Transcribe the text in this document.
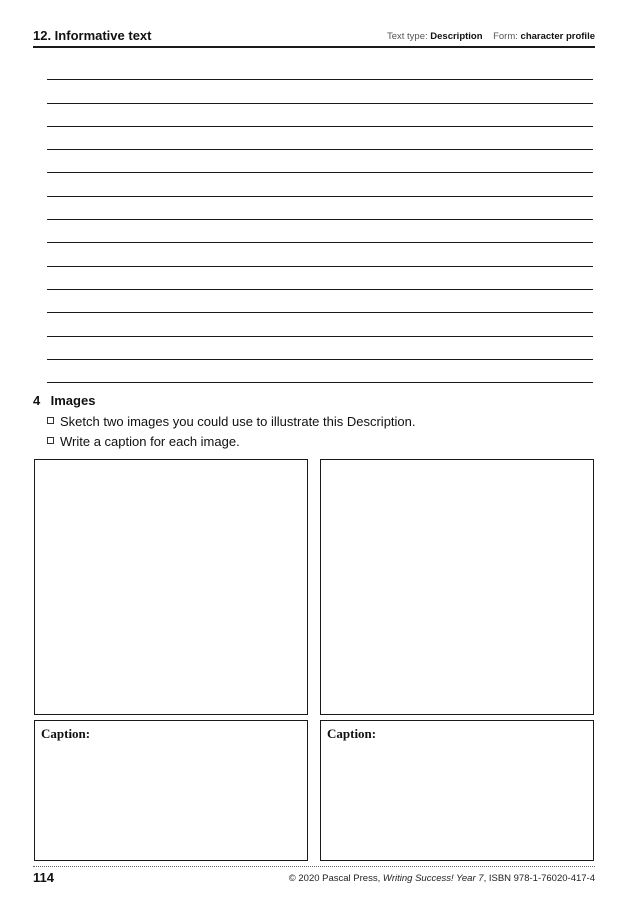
12. Informative text	Text type: Description Form: character profile
4 Images
Sketch two images you could use to illustrate this Description.
Write a caption for each image.
Caption:	Caption:
114	© 2020 Pascal Press, Writing Success! Year 7, ISBN 978-1-76020-417-4
